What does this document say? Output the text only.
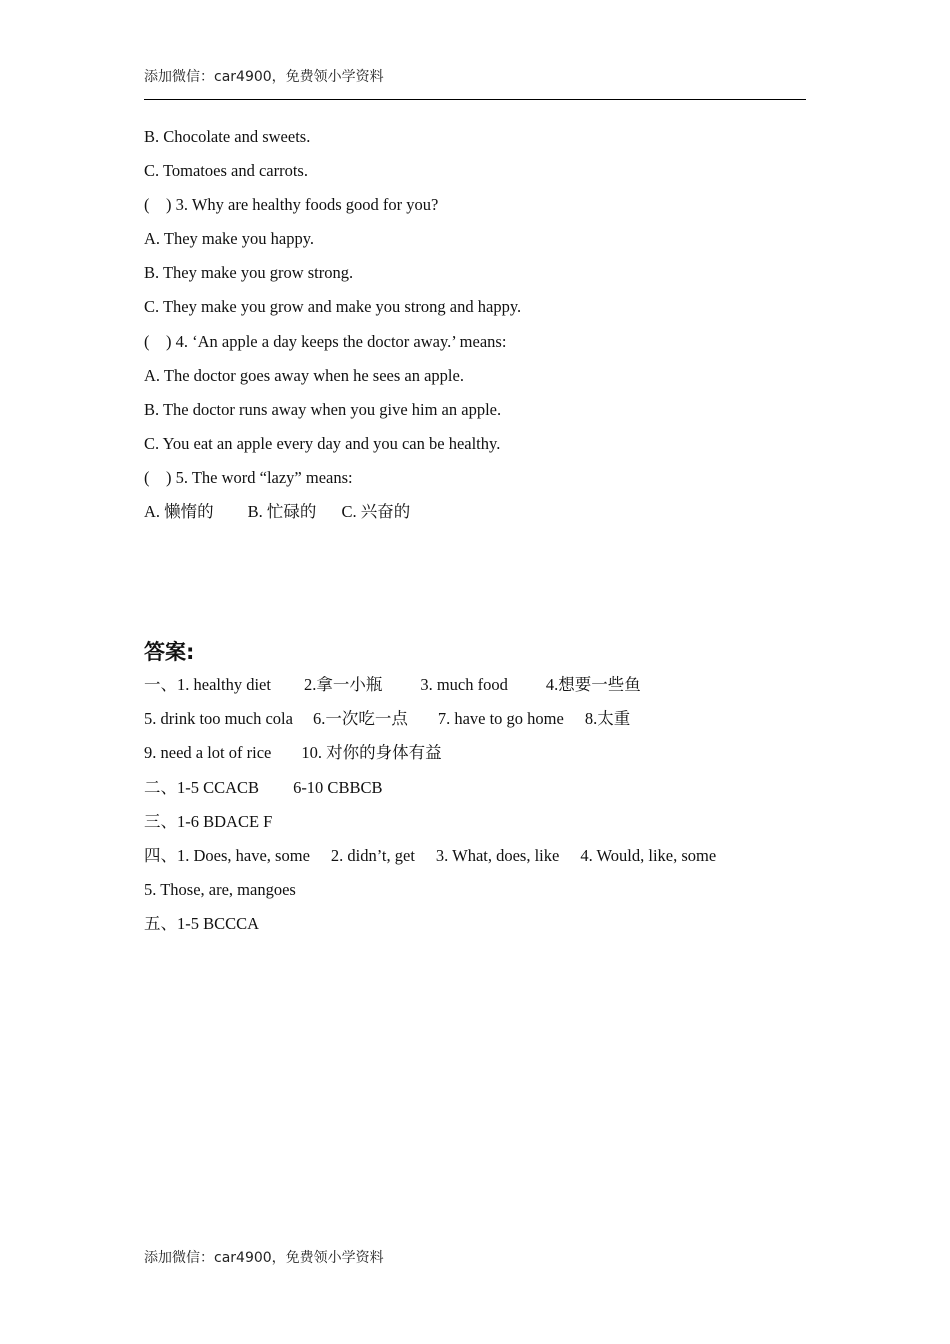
添加微信：car4900，免费领小学资料
B. Chocolate and sweets.
C. Tomatoes and carrots.
(    ) 3. Why are healthy foods good for you?
A. They make you happy.
B. They make you grow strong.
C. They make you grow and make you strong and happy.
(    ) 4. ‘An apple a day keeps the doctor away.’ means:
A. The doctor goes away when he sees an apple.
B. The doctor runs away when you give him an apple.
C. You eat an apple every day and you can be healthy.
(    ) 5. The word “lazy” means:
A. 懒惰的 B. 忙碌的 C. 兴奋的
答案:
一、1. healthy diet 2.拿一小瓶 3. much food 4.想要一些鱼
5. drink too much cola 6.一次吃一点 7. have to go home 8.太重
9. need a lot of rice 10. 对你的身体有益
二、1-5 CCACB 6-10 CBBCB
三、1-6 BDACE F
四、1. Does, have, some 2. didn’t, get 3. What, does, like 4. Would, like, some
5. Those, are, mangoes
五、1-5 BCCCA
添加微信：car4900，免费领小学资料
